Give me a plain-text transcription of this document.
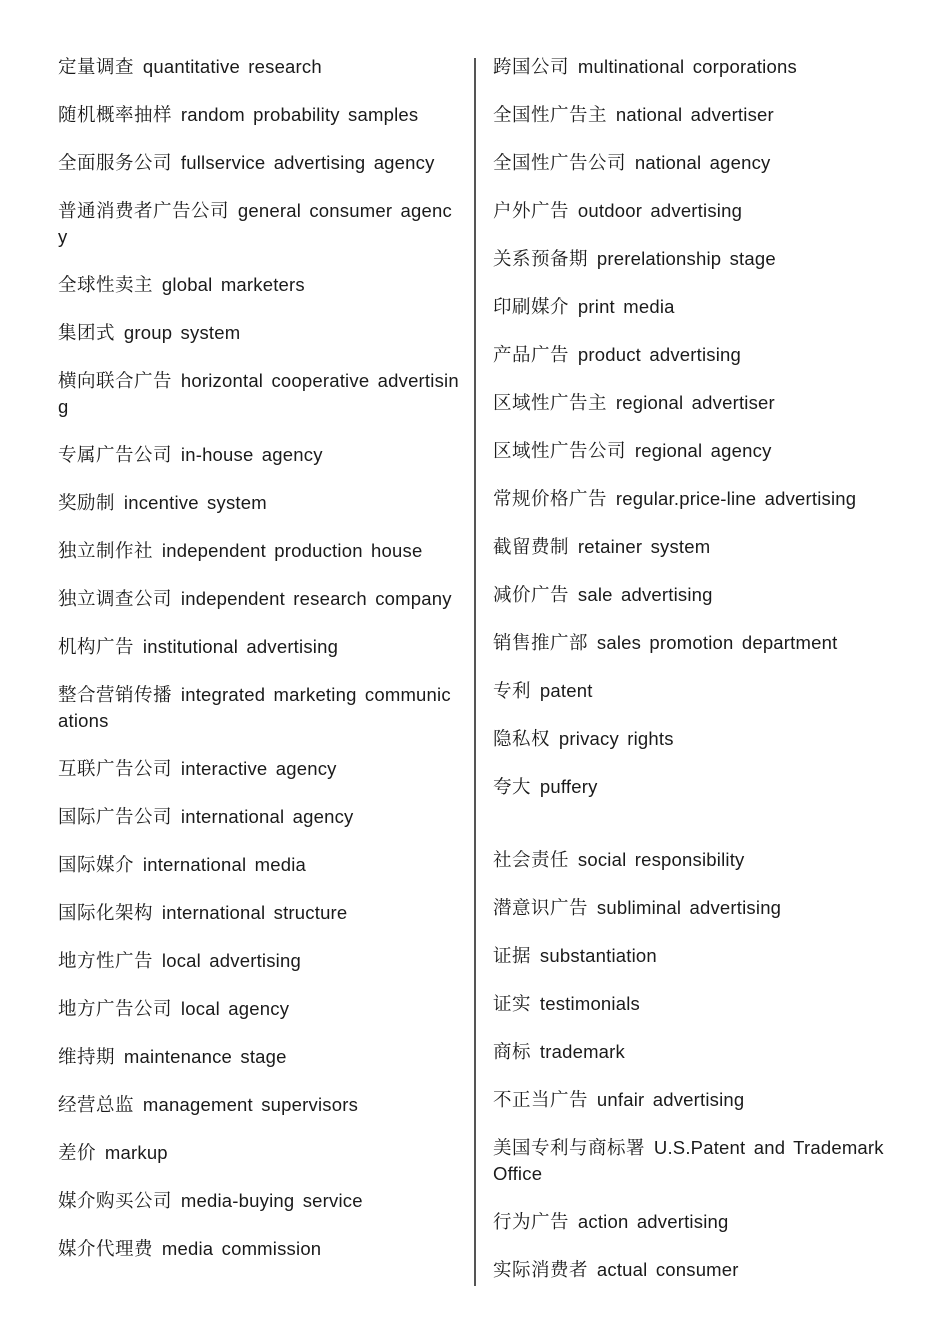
定量调查 quantitative research

随机概率抽样 random probability samples

全面服务公司 fullservice advertising agency

普通消费者广告公司 general consumer agency

全球性卖主 global marketers

集团式 group system

横向联合广告 horizontal cooperative advertising

专属广告公司 in-house agency

奖励制 incentive system

独立制作社 independent production house

独立调查公司 independent research company

机构广告 institutional advertising

整合营销传播 integrated marketing communications

互联广告公司 interactive agency

国际广告公司 international agency

国际媒介 international media

国际化架构 international structure

地方性广告 local advertising

地方广告公司 local agency

维持期 maintenance stage

经营总监 management supervisors

差价 markup

媒介购买公司 media-buying service

媒介代理费 media commission

跨国公司 multinational corporations

全国性广告主 national advertiser

全国性广告公司 national agency

户外广告 outdoor advertising

关系预备期 prerelationship stage

印刷媒介 print media

产品广告 product advertising

区域性广告主 regional advertiser

区域性广告公司 regional agency

常规价格广告 regular.price-line advertising

截留费制 retainer system

减价广告 sale advertising

销售推广部 sales promotion department

专利 patent

隐私权 privacy rights

夸大 puffery

社会责任 social responsibility

潜意识广告 subliminal advertising

证据 substantiation

证实 testimonials

商标 trademark

不正当广告 unfair advertising

美国专利与商标署 U.S.Patent and Trademark Office

行为广告 action advertising

实际消费者 actual consumer
